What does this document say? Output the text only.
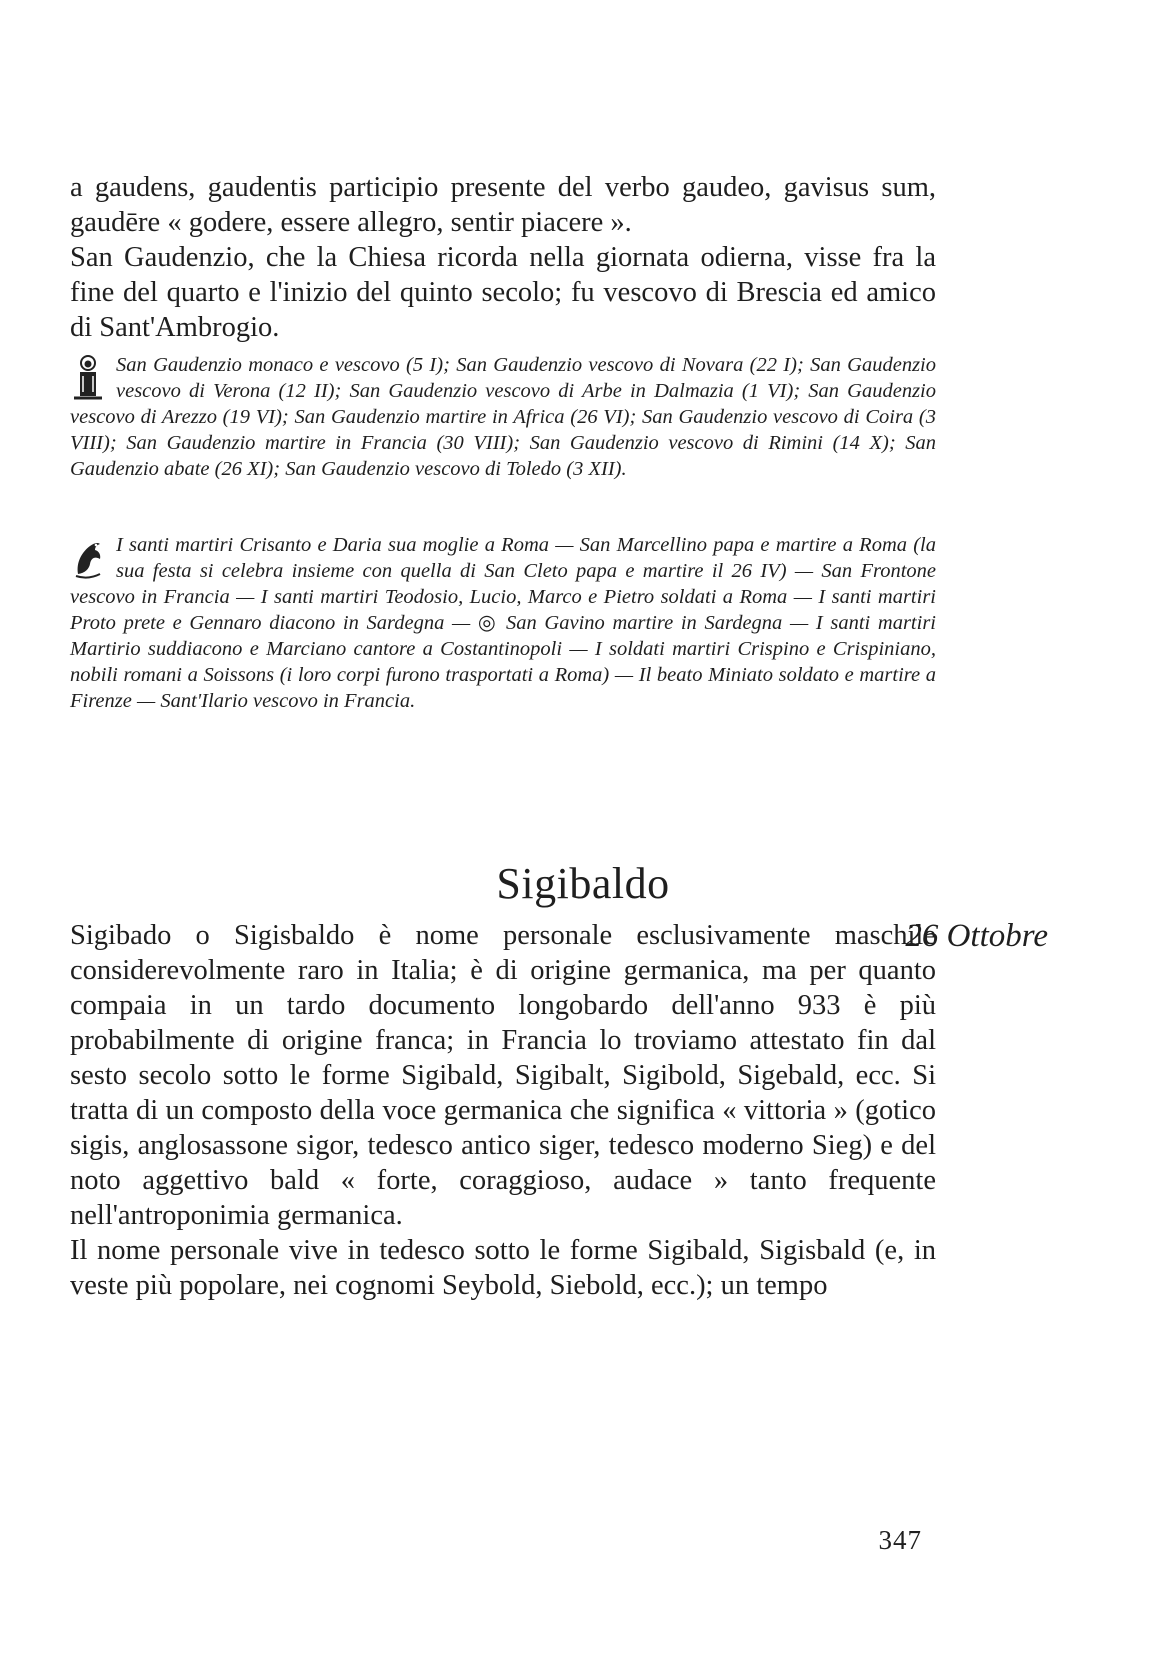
a gaudens, gaudentis participio presente del verbo gaudeo, gavisus sum, gaudēre « godere, essere allegro, sentir piacere ».

San Gaudenzio, che la Chiesa ricorda nella giornata odierna, visse fra la fine del quarto e l'inizio del quinto secolo; fu vescovo di Brescia ed amico di Sant'Ambrogio.

San Gaudenzio monaco e vescovo (5 I); San Gaudenzio vescovo di Novara (22 I); San Gaudenzio vescovo di Verona (12 II); San Gaudenzio vescovo di Arbe in Dalmazia (1 VI); San Gaudenzio vescovo di Arezzo (19 VI); San Gaudenzio martire in Africa (26 VI); San Gaudenzio vescovo di Coira (3 VIII); San Gaudenzio martire in Francia (30 VIII); San Gaudenzio vescovo di Rimini (14 X); San Gaudenzio abate (26 XI); San Gaudenzio vescovo di Toledo (3 XII).

I santi martiri Crisanto e Daria sua moglie a Roma — San Marcellino papa e martire a Roma (la sua festa si celebra insieme con quella di San Cleto papa e martire il 26 IV) — San Frontone vescovo in Francia — I santi martiri Teodosio, Lucio, Marco e Pietro soldati a Roma — I santi martiri Proto prete e Gennaro diacono in Sardegna — ◎ San Gavino martire in Sardegna — I santi martiri Martirio suddiacono e Marciano cantore a Costantinopoli — I soldati martiri Crispino e Crispiniano, nobili romani a Soissons (i loro corpi furono trasportati a Roma) — Il beato Miniato soldato e martire a Firenze — Sant'Ilario vescovo in Francia.

Sigibaldo
26 Ottobre

Sigibado o Sigisbaldo è nome personale esclusivamente maschile considerevolmente raro in Italia; è di origine germanica, ma per quanto compaia in un tardo documento longobardo dell'anno 933 è più probabilmente di origine franca; in Francia lo troviamo attestato fin dal sesto secolo sotto le forme Sigibald, Sigibalt, Sigibold, Sigebald, ecc. Si tratta di un composto della voce germanica che significa « vittoria » (gotico sigis, anglosassone sigor, tedesco antico siger, tedesco moderno Sieg) e del noto aggettivo bald « forte, coraggioso, audace » tanto frequente nell'antroponimia germanica.

Il nome personale vive in tedesco sotto le forme Sigibald, Sigisbald (e, in veste più popolare, nei cognomi Seybold, Siebold, ecc.); un tempo

347
